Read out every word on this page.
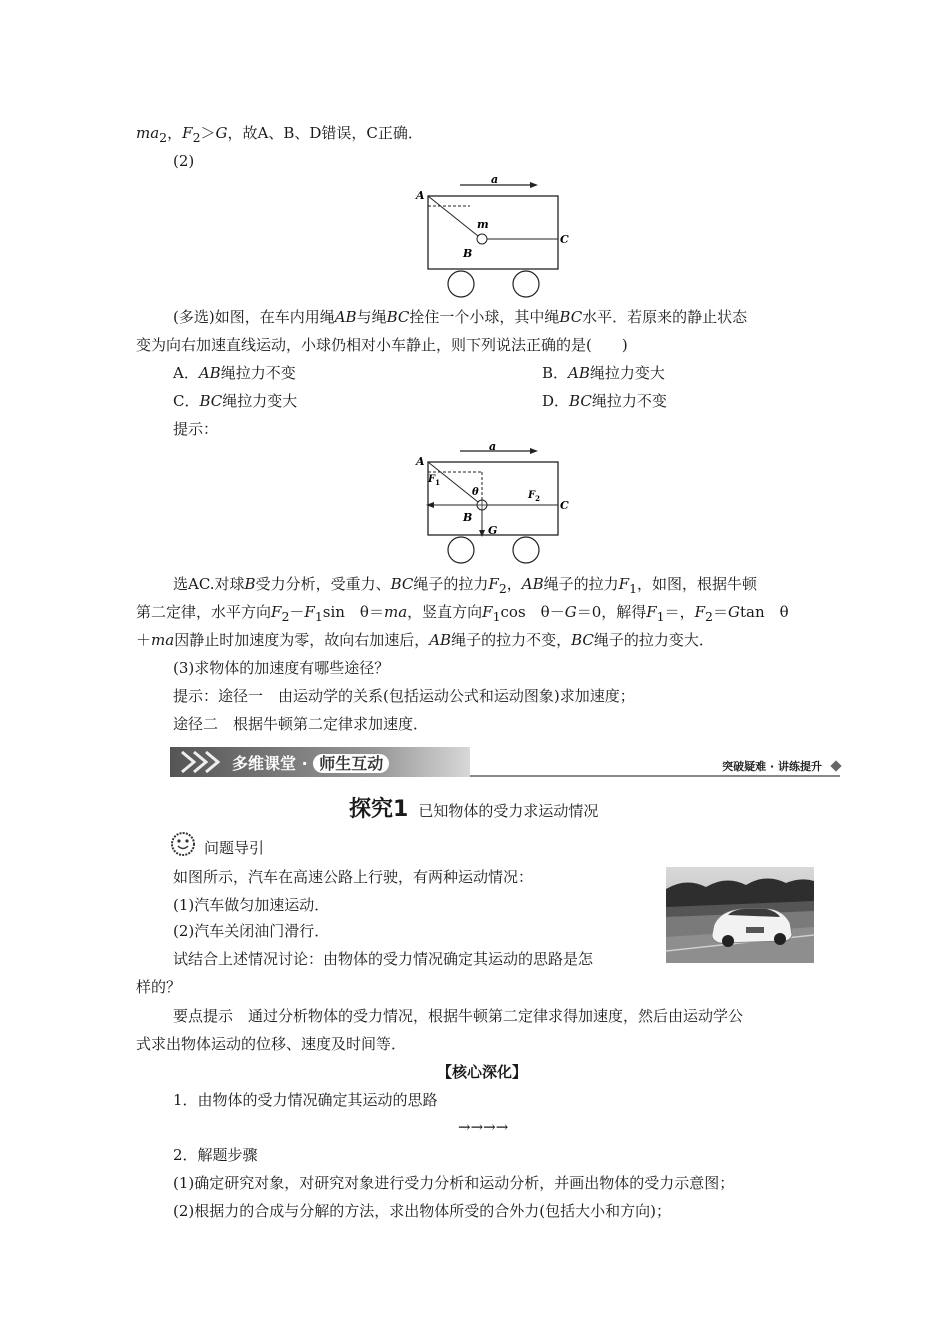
$ma_2$，$F_2>G$，故A、B、D错误，C正确．
(2)
a
A
m
B
C
(多选)如图，在车内用绳AB与绳BC拴住一个小球，其中绳BC水平．若原来的静止状态
变为向右加速直线运动，小球仍相对小车静止，则下列说法正确的是(　　)
A．AB绳拉力不变	B．AB绳拉力变大
C．BC绳拉力变大	D．BC绳拉力不变
提示：
a
A
$F_1$
θ	$F_2$
C
B
G
选AC.对球B受力分析，受重力、BC绳子的拉力$F_2$，AB绳子的拉力$F_1$，如图，根据牛顿
第二定律，水平方向$F_2-F_1\sin$　θ＝ma，竖直方向$F_1\cos$　θ－G＝0，解得$F_1=$，$F_2=Gtan$　θ
＋ma因静止时加速度为零，故向右加速后，AB绳子的拉力不变，BC绳子的拉力变大．
(3)求物体的加速度有哪些途径？
提示：途径一　由运动学的关系(包括运动公式和运动图象)求加速度；
途径二　根据牛顿第二定律求加速度．
多维课堂 · 师生互动	突破疑难 · 讲练提升
探究1 已知物体的受力求运动情况
问题导引
如图所示，汽车在高速公路上行驶，有两种运动情况：
(1)汽车做匀加速运动．
(2)汽车关闭油门滑行．
试结合上述情况讨论：由物体的受力情况确定其运动的思路是怎
样的？
要点提示　通过分析物体的受力情况，根据牛顿第二定律求得加速度，然后由运动学公
式求出物体运动的位移、速度及时间等．
【核心深化】
1．由物体的受力情况确定其运动的思路
→→→→
2．解题步骤
(1)确定研究对象，对研究对象进行受力分析和运动分析，并画出物体的受力示意图；
(2)根据力的合成与分解的方法，求出物体所受的合外力(包括大小和方向)；
